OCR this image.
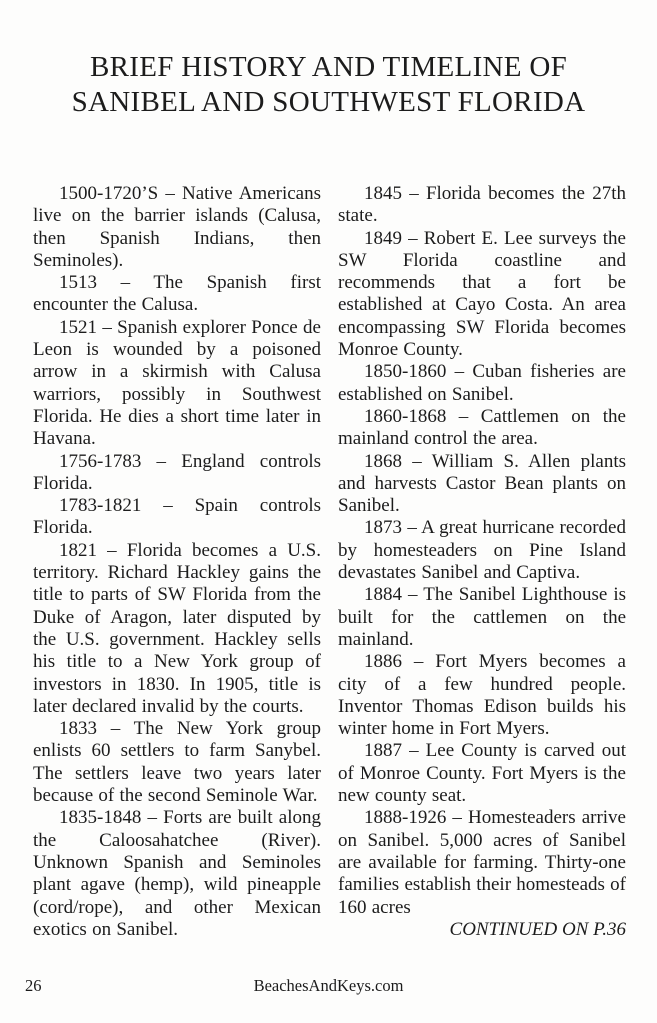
BRIEF HISTORY AND TIMELINE OF
SANIBEL AND SOUTHWEST FLORIDA

1500-1720’S – Native Americans live on the barrier islands (Calusa, then Spanish Indians, then Seminoles).

1513 – The Spanish first encounter the Calusa.

1521 – Spanish explorer Ponce de Leon is wounded by a poisoned arrow in a skirmish with Calusa warriors, possibly in Southwest Florida. He dies a short time later in Havana.

1756-1783 – England controls Florida.

1783-1821 – Spain controls Florida.

1821 – Florida becomes a U.S. territory. Richard Hackley gains the title to parts of SW Florida from the Duke of Aragon, later disputed by the U.S. government. Hackley sells his title to a New York group of investors in 1830. In 1905, title is later declared invalid by the courts.

1833 – The New York group enlists 60 settlers to farm Sanybel. The settlers leave two years later because of the second Seminole War.

1835-1848 – Forts are built along the Caloosahatchee (River). Unknown Spanish and Seminoles plant agave (hemp), wild pineapple (cord/rope), and other Mexican exotics on Sanibel.

1845 – Florida becomes the 27th state.

1849 – Robert E. Lee surveys the SW Florida coastline and recommends that a fort be established at Cayo Costa. An area encompassing SW Florida becomes Monroe County.

1850-1860 – Cuban fisheries are established on Sanibel.

1860-1868 – Cattlemen on the mainland control the area.

1868 – William S. Allen plants and harvests Castor Bean plants on Sanibel.

1873 – A great hurricane recorded by homesteaders on Pine Island devastates Sanibel and Captiva.

1884 – The Sanibel Lighthouse is built for the cattlemen on the mainland.

1886 – Fort Myers becomes a city of a few hundred people. Inventor Thomas Edison builds his winter home in Fort Myers.

1887 – Lee County is carved out of Monroe County. Fort Myers is the new county seat.

1888-1926 – Homesteaders arrive on Sanibel. 5,000 acres of Sanibel are available for farming. Thirty-one families establish their homesteads of 160 acres

CONTINUED ON P.36
26	BeachesAndKeys.com
